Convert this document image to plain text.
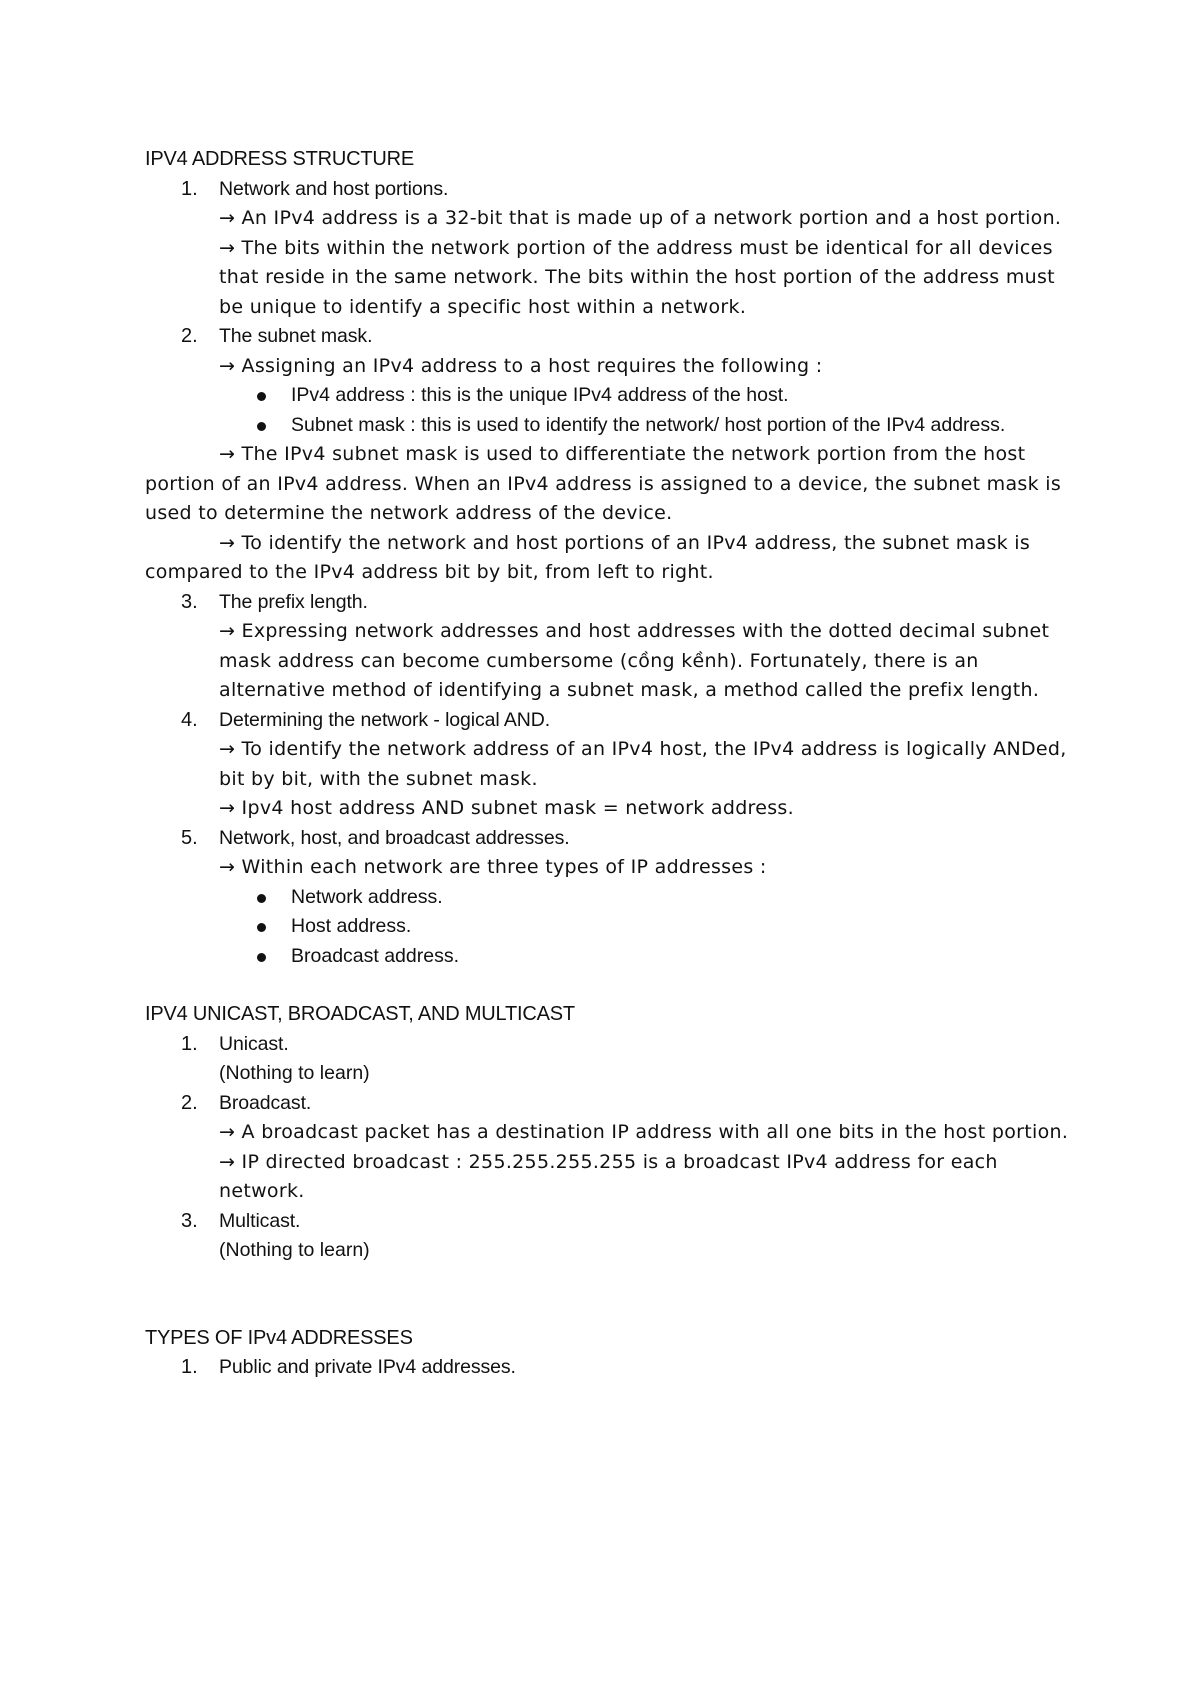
IPV4 ADDRESS STRUCTURE
1. Network and host portions.
→ An IPv4 address is a 32-bit that is made up of a network portion and a host portion.
→ The bits within the network portion of the address must be identical for all devices that reside in the same network. The bits within the host portion of the address must be unique to identify a specific host within a network.
2. The subnet mask.
→ Assigning an IPv4 address to a host requires the following :
IPv4 address : this is the unique IPv4 address of the host.
Subnet mask : this is used to identify the network/ host portion of the IPv4 address.
→ The IPv4 subnet mask is used to differentiate the network portion from the host portion of an IPv4 address. When an IPv4 address is assigned to a device, the subnet mask is used to determine the network address of the device.
→ To identify the network and host portions of an IPv4 address, the subnet mask is compared to the IPv4 address bit by bit, from left to right.
3. The prefix length.
→ Expressing network addresses and host addresses with the dotted decimal subnet mask address can become cumbersome (cồng kềnh). Fortunately, there is an alternative method of identifying a subnet mask, a method called the prefix length.
4. Determining the network - logical AND.
→ To identify the network address of an IPv4 host, the IPv4 address is logically ANDed, bit by bit, with the subnet mask.
→ Ipv4 host address AND subnet mask = network address.
5. Network, host, and broadcast addresses.
→ Within each network are three types of IP addresses :
Network address.
Host address.
Broadcast address.
IPV4 UNICAST, BROADCAST, AND MULTICAST
1. Unicast.
(Nothing to learn)
2. Broadcast.
→ A broadcast packet has a destination IP address with all one bits in the host portion.
→ IP directed broadcast : 255.255.255.255 is a broadcast IPv4 address for each network.
3. Multicast.
(Nothing to learn)
TYPES OF IPv4 ADDRESSES
1. Public and private IPv4 addresses.
